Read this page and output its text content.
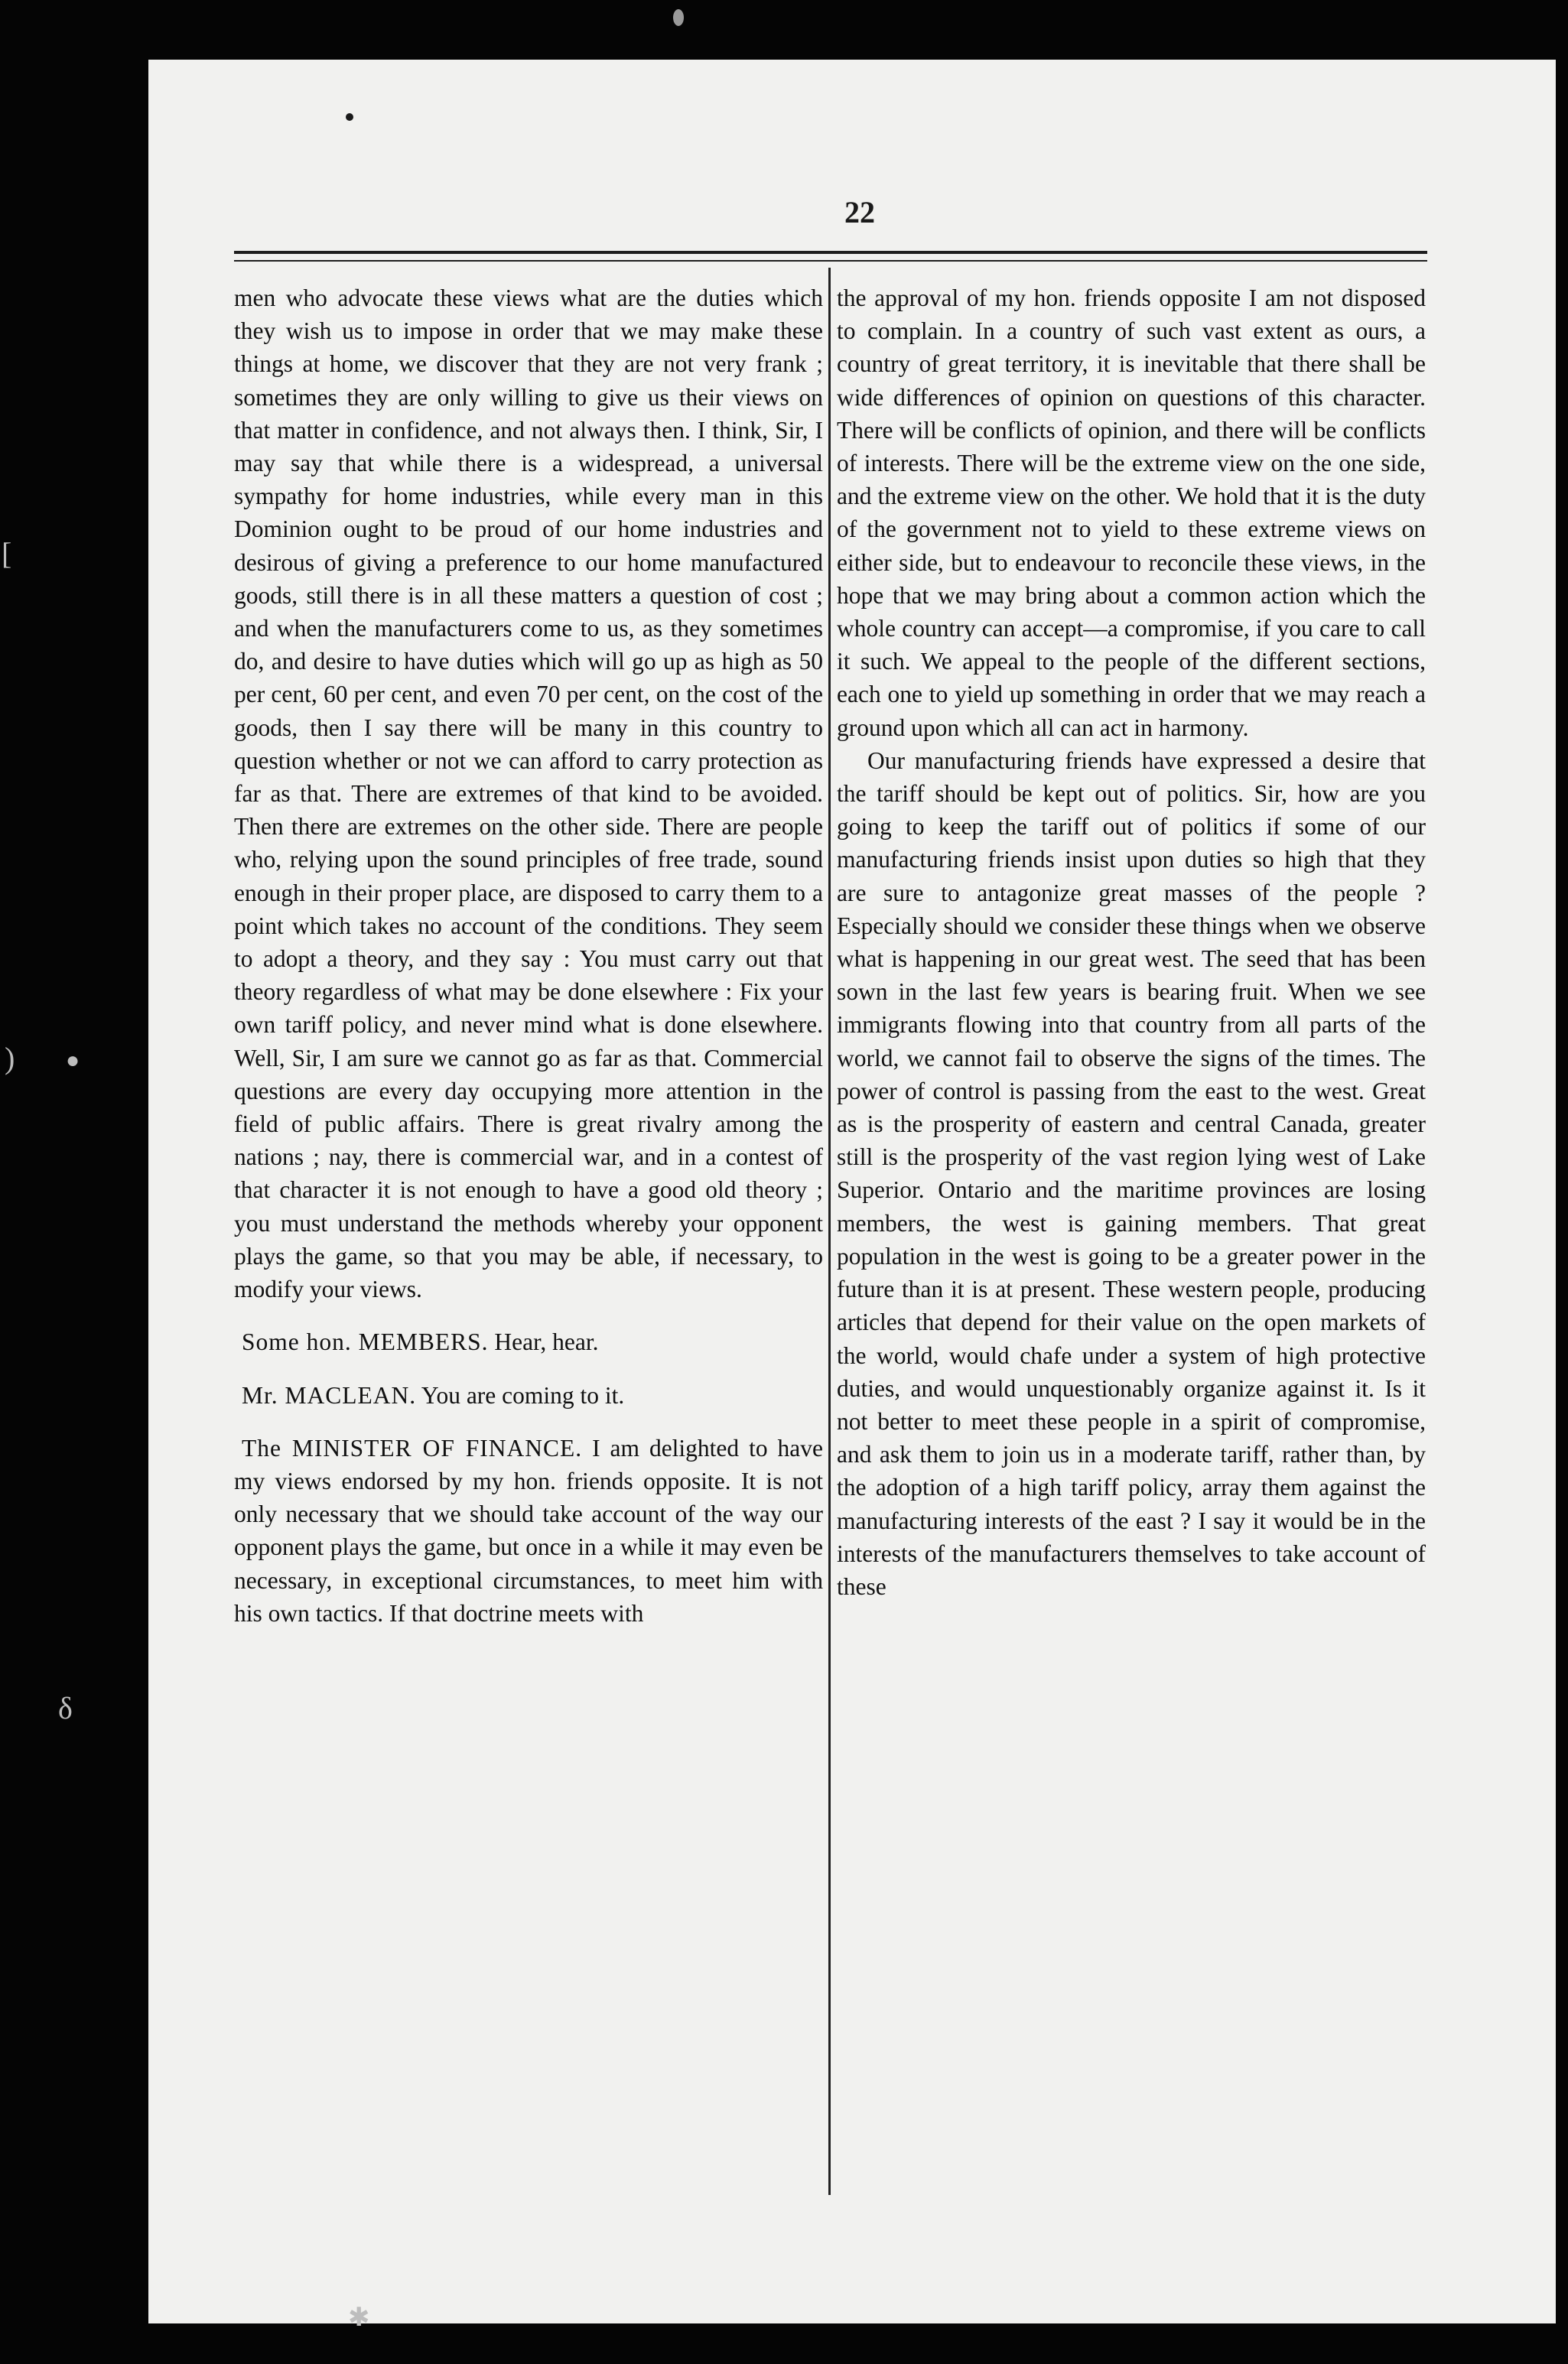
22

men who advocate these views what are the duties which they wish us to impose in order that we may make these things at home, we discover that they are not very frank ; sometimes they are only willing to give us their views on that matter in confidence, and not always then. I think, Sir, I may say that while there is a widespread, a universal sympathy for home industries, while every man in this Dominion ought to be proud of our home industries and desirous of giving a preference to our home manufactured goods, still there is in all these matters a question of cost ; and when the manufacturers come to us, as they sometimes do, and desire to have duties which will go up as high as 50 per cent, 60 per cent, and even 70 per cent, on the cost of the goods, then I say there will be many in this country to question whether or not we can afford to carry protection as far as that. There are extremes of that kind to be avoided. Then there are extremes on the other side. There are people who, relying upon the sound principles of free trade, sound enough in their proper place, are disposed to carry them to a point which takes no account of the conditions. They seem to adopt a theory, and they say : You must carry out that theory regardless of what may be done elsewhere : Fix your own tariff policy, and never mind what is done elsewhere. Well, Sir, I am sure we cannot go as far as that. Commercial questions are every day occupying more attention in the field of public affairs. There is great rivalry among the nations ; nay, there is commercial war, and in a contest of that character it is not enough to have a good old theory ; you must understand the methods whereby your opponent plays the game, so that you may be able, if necessary, to modify your views.

Some hon. MEMBERS. Hear, hear.

Mr. MACLEAN. You are coming to it.

The MINISTER OF FINANCE. I am delighted to have my views endorsed by my hon. friends opposite. It is not only necessary that we should take account of the way our opponent plays the game, but once in a while it may even be necessary, in exceptional circumstances, to meet him with his own tactics. If that doctrine meets with

the approval of my hon. friends opposite I am not disposed to complain. In a country of such vast extent as ours, a country of great territory, it is inevitable that there shall be wide differences of opinion on questions of this character. There will be conflicts of opinion, and there will be conflicts of interests. There will be the extreme view on the one side, and the extreme view on the other. We hold that it is the duty of the government not to yield to these extreme views on either side, but to endeavour to reconcile these views, in the hope that we may bring about a common action which the whole country can accept—a compromise, if you care to call it such. We appeal to the people of the different sections, each one to yield up something in order that we may reach a ground upon which all can act in harmony.

Our manufacturing friends have expressed a desire that the tariff should be kept out of politics. Sir, how are you going to keep the tariff out of politics if some of our manufacturing friends insist upon duties so high that they are sure to antagonize great masses of the people ? Especially should we consider these things when we observe what is happening in our great west. The seed that has been sown in the last few years is bearing fruit. When we see immigrants flowing into that country from all parts of the world, we cannot fail to observe the signs of the times. The power of control is passing from the east to the west. Great as is the prosperity of eastern and central Canada, greater still is the prosperity of the vast region lying west of Lake Superior. Ontario and the maritime provinces are losing members, the west is gaining members. That great population in the west is going to be a greater power in the future than it is at present. These western people, producing articles that depend for their value on the open markets of the world, would chafe under a system of high protective duties, and would unquestionably organize against it. Is it not better to meet these people in a spirit of compromise, and ask them to join us in a moderate tariff, rather than, by the adoption of a high tariff policy, array them against the manufacturing interests of the east ? I say it would be in the interests of the manufacturers themselves to take account of these

[
) ●
δ
✱
